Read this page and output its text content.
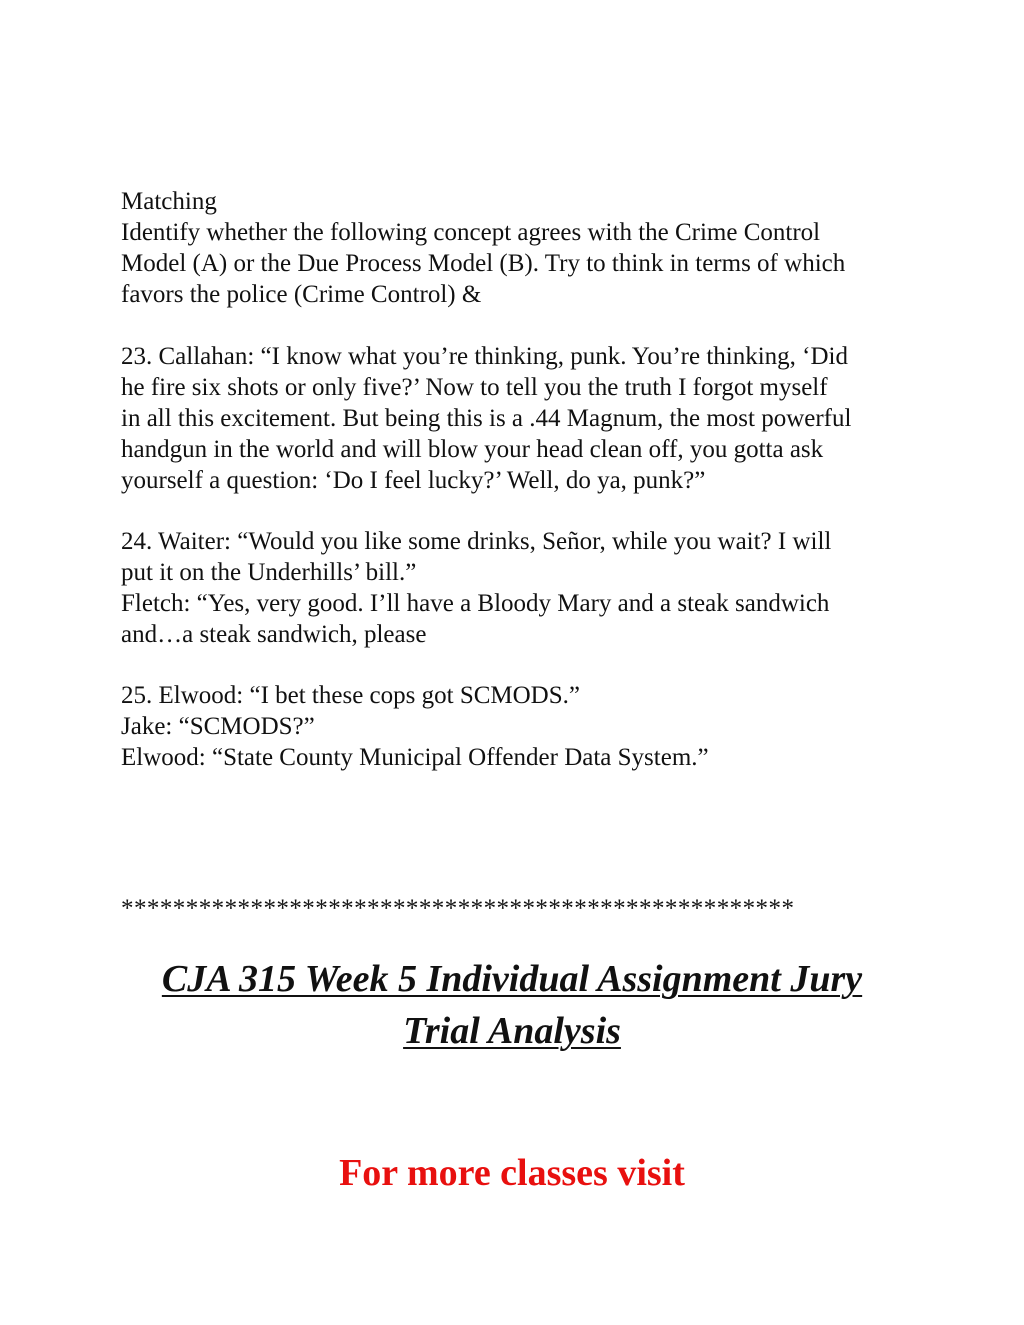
Matching
Identify whether the following concept agrees with the Crime Control
Model (A) or the Due Process Model (B). Try to think in terms of which
favors the police (Crime Control) &
23. Callahan: “I know what you’re thinking, punk. You’re thinking, ‘Did
he fire six shots or only five?’ Now to tell you the truth I forgot myself
in all this excitement. But being this is a .44 Magnum, the most powerful
handgun in the world and will blow your head clean off, you gotta ask
yourself a question: ‘Do I feel lucky?’ Well, do ya, punk?”
24. Waiter: “Would you like some drinks, Señor, while you wait? I will
put it on the Underhills’ bill.”
Fletch: “Yes, very good. I’ll have a Bloody Mary and a steak sandwich
and…a steak sandwich, please
25. Elwood: “I bet these cops got SCMODS.”
Jake: “SCMODS?”
Elwood: “State County Municipal Offender Data System.”
****************************************************
CJA 315 Week 5 Individual Assignment Jury
Trial Analysis
For more classes visit
